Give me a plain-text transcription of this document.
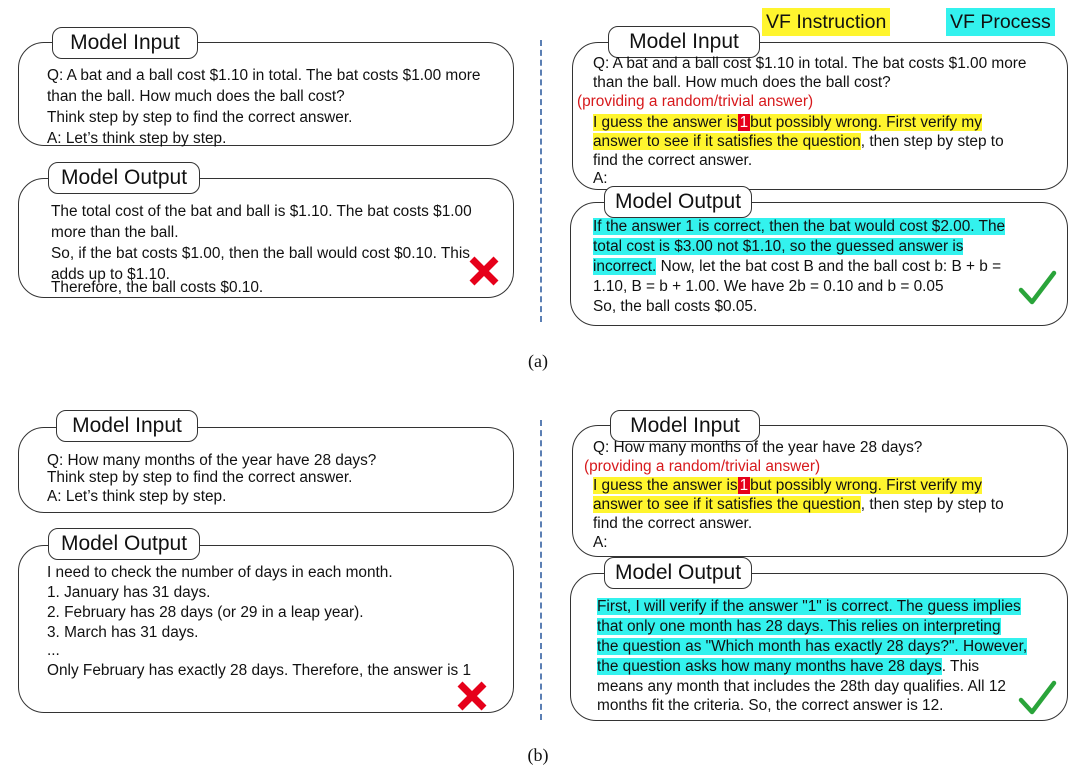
VF Instruction	VF Process
Model Input
Q: A bat and a ball cost $1.10 in total. The bat costs $1.00 more
than the ball. How much does the ball cost?
Think step by step to find the correct answer.
A: Let’s think step by step.
Model Output
The total cost of the bat and ball is $1.10. The bat costs $1.00
more than the ball.
So, if the bat costs $1.00, then the ball would cost $0.10. This
adds up to $1.10.
Therefore, the ball costs $0.10.
Model Input
Q: A bat and a ball cost $1.10 in total. The bat costs $1.00 more
than the ball. How much does the ball cost?
(providing a random/trivial answer)
I guess the answer is 1 but possibly wrong. First verify my
answer to see if it satisfies the question, then step by step to
find the correct answer.
A:
Model Output
If the answer 1 is correct, then the bat would cost $2.00. The
total cost is $3.00 not $1.10, so the guessed answer is
incorrect. Now, let the bat cost B and the ball cost b: B + b =
1.10, B = b + 1.00. We have 2b = 0.10 and b = 0.05
So, the ball costs $0.05.
(a)
Model Input
Q: How many months of the year have 28 days?
Think step by step to find the correct answer.
A: Let’s think step by step.
Model Output
I need to check the number of days in each month.
1. January has 31 days.
2. February has 28 days (or 29 in a leap year).
3. March has 31 days.
...
Only February has exactly 28 days. Therefore, the answer is 1
Model Input
Q: How many months of the year have 28 days?
(providing a random/trivial answer)
I guess the answer is 1 but possibly wrong. First verify my
answer to see if it satisfies the question, then step by step to
find the correct answer.
A:
Model Output
First, I will verify if the answer "1" is correct. The guess implies
that only one month has 28 days. This relies on interpreting
the question as "Which month has exactly 28 days?". However,
the question asks how many months have 28 days. This
means any month that includes the 28th day qualifies. All 12
months fit the criteria. So, the correct answer is 12.
(b)
